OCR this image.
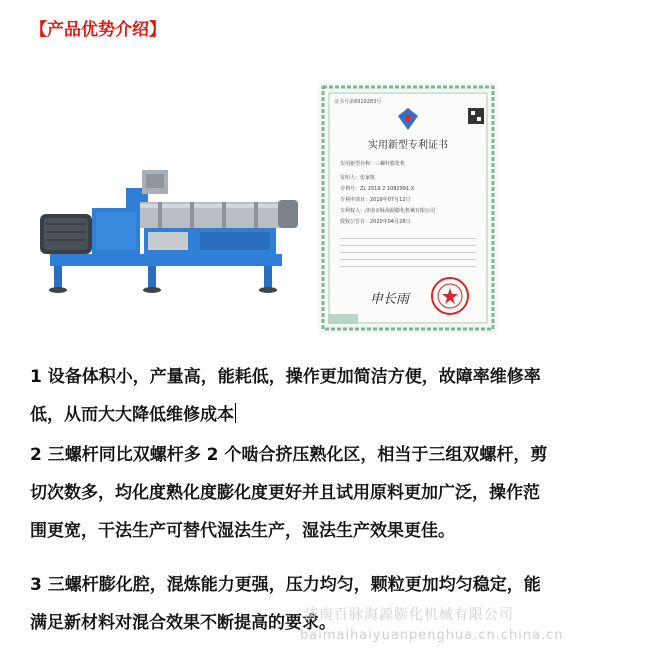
【产品优势介绍】
证书号第8919283号
实用新型专利证书
实用新型名称：三螺杆膨化机
发明人：张家栋
专利号：ZL 2019 2 1082991.X
专利申请日：2019年07月12日
专利权人：济南百脉海源膨化机械有限公司
授权公告日：2020年04月28日
申长雨
1 设备体积小，产量高，能耗低，操作更加简洁方便，故障率维修率
低，从而大大降低维修成本
2 三螺杆同比双螺杆多 2 个啮合挤压熟化区，相当于三组双螺杆，剪
切次数多，均化度熟化度膨化度更好并且试用原料更加广泛，操作范
围更宽，干法生产可替代湿法生产，湿法生产效果更佳。
3 三螺杆膨化腔，混炼能力更强，压力均匀，颗粒更加均匀稳定，能
满足新材料对混合效果不断提高的要求。
济南百脉海源膨化机械有限公司
baimaihaiyuanpenghua.cn.china.cn
